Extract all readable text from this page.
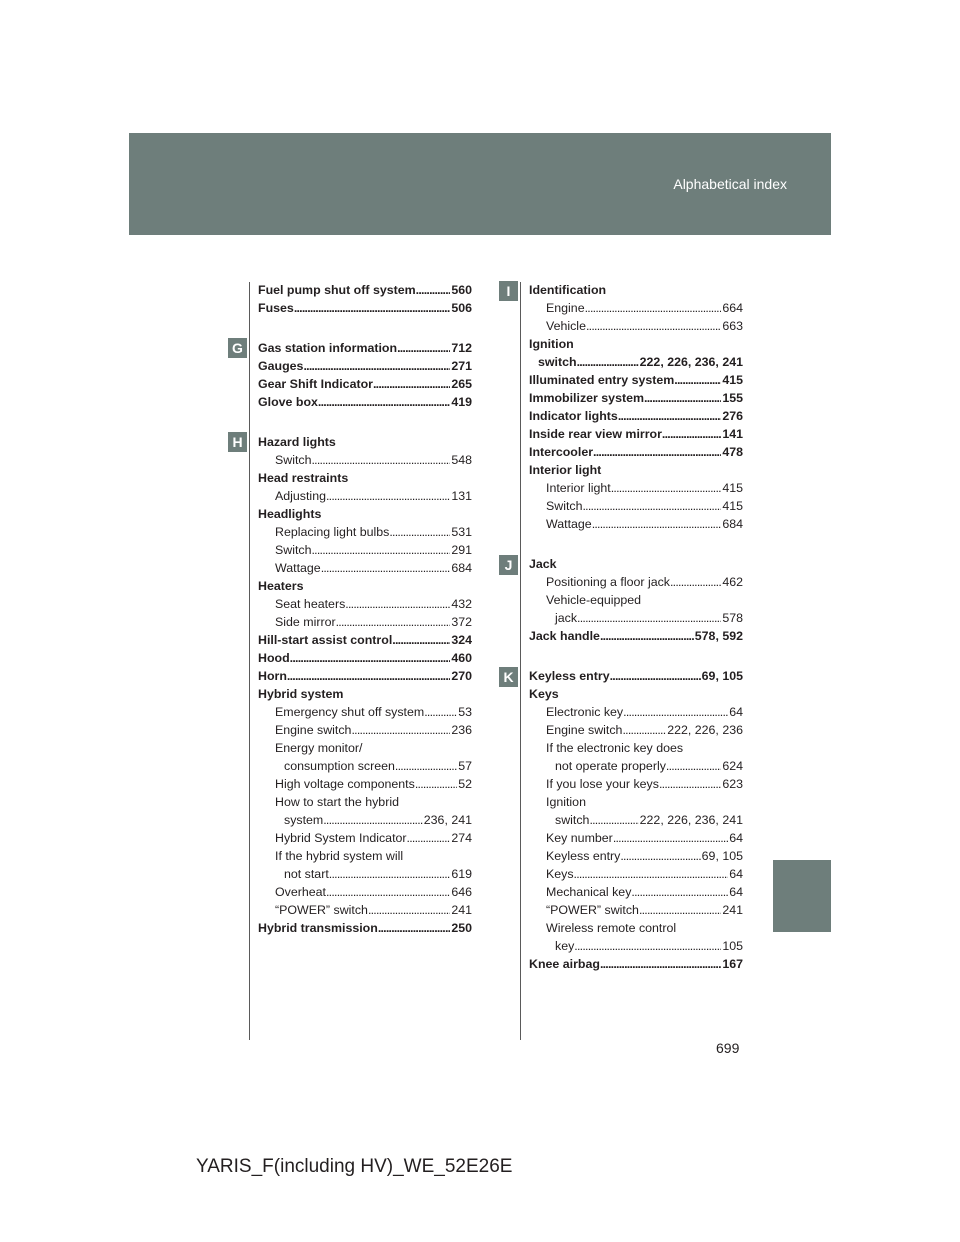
Alphabetical index
G
H
I
J
K
Fuel pump shut off system . . .	560
Fuses . . .	506
Gas station information . . .	712
Gauges . . .	271
Gear Shift Indicator . . .	265
Glove box . . .	419
Hazard lights
Switch . . .	548
Head restraints
Adjusting . . .	131
Headlights
Replacing light bulbs . . .	531
Switch . . .	291
Wattage . . .	684
Heaters
Seat heaters . . .	432
Side mirror . . .	372
Hill-start assist control . . .	324
Hood . . .	460
Horn . . .	270
Hybrid system
Emergency shut off system . . .	53
Engine switch . . .	236
Energy monitor/
consumption screen . . .	57
High voltage components . . .	52
How to start the hybrid
system . . .	236, 241
Hybrid System Indicator . . .	274
If the hybrid system will
not start . . .	619
Overheat . . .	646
“POWER” switch . . .	241
Hybrid transmission . . .	250
Identification
Engine . . .	664
Vehicle . . .	663
Ignition
switch . . .	222, 226, 236, 241
Illuminated entry system . . .	415
Immobilizer system . . .	155
Indicator lights . . .	276
Inside rear view mirror . . .	141
Intercooler . . .	478
Interior light
Interior light . . .	415
Switch . . .	415
Wattage . . .	684
Jack
Positioning a floor jack . . .	462
Vehicle-equipped
jack . . .	578
Jack handle . . .	578, 592
Keyless entry . . .	69, 105
Keys
Electronic key . . .	64
Engine switch . . .	222, 226, 236
If the electronic key does
not operate properly . . .	624
If you lose your keys . . .	623
Ignition
switch . . .	222, 226, 236, 241
Key number . . .	64
Keyless entry . . .	69, 105
Keys . . .	64
Mechanical key . . .	64
“POWER” switch . . .	241
Wireless remote control
key . . .	105
Knee airbag . . .	167
699
YARIS_F(including HV)_WE_52E26E
